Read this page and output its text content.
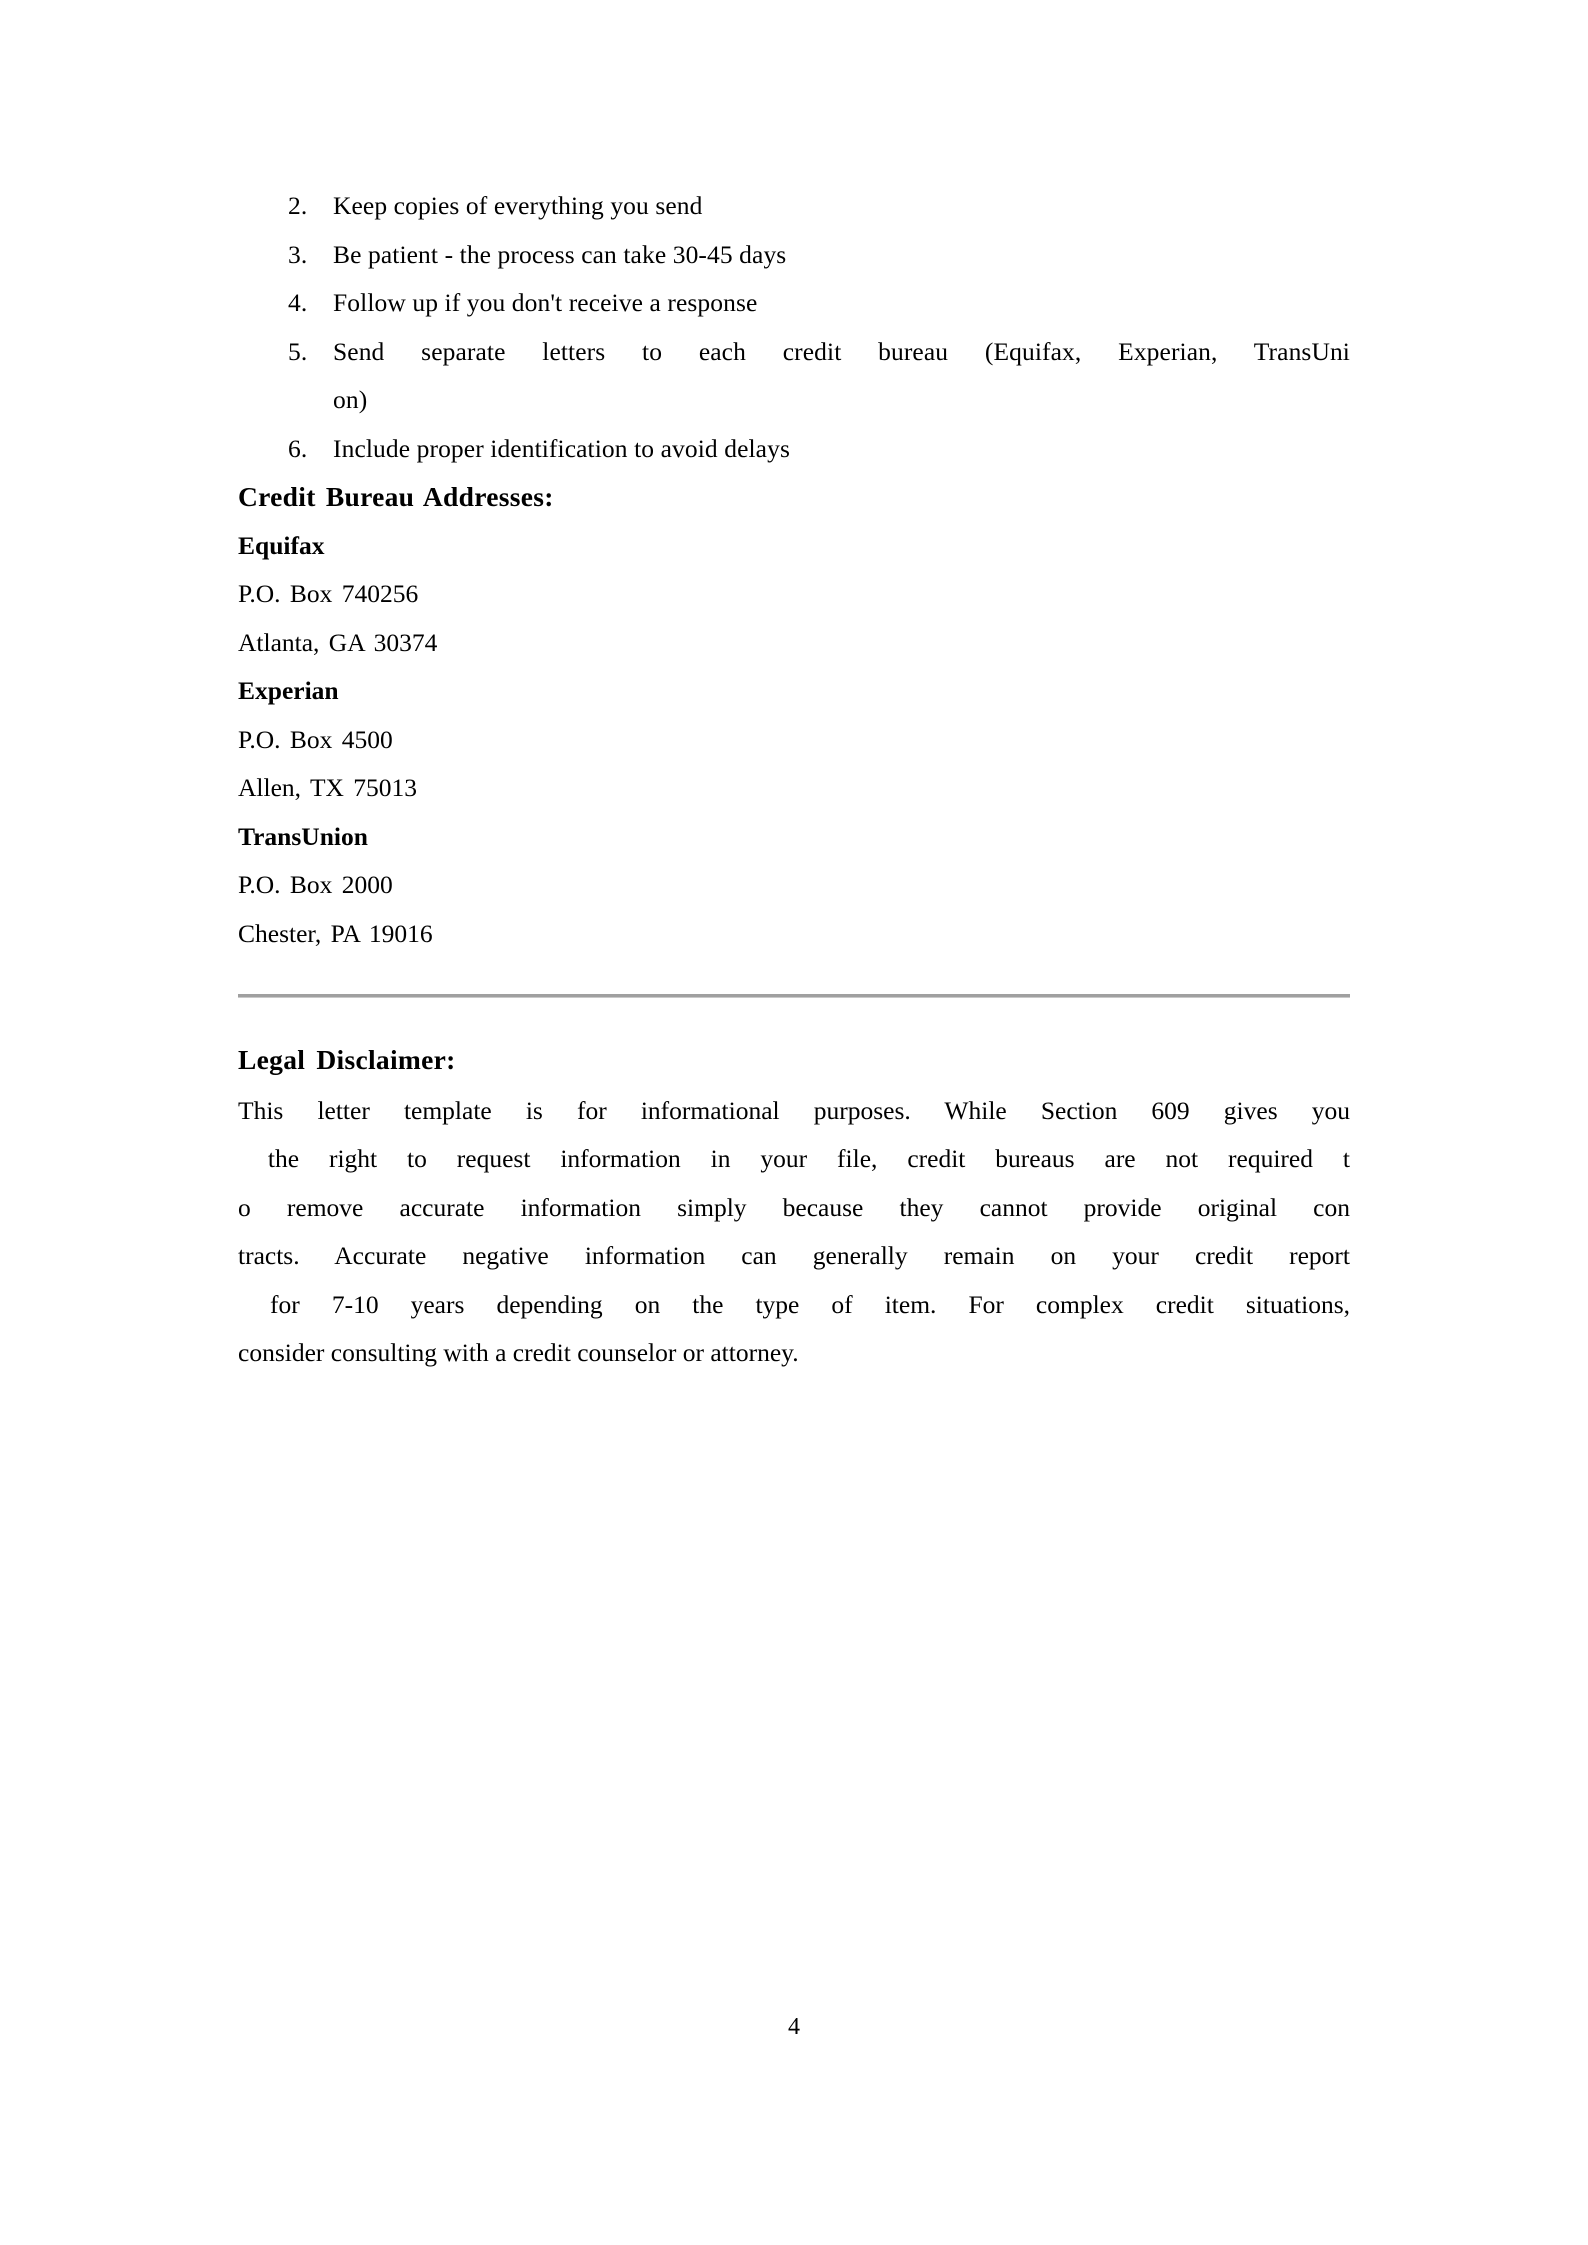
2.	Keep copies of everything you send
3.	Be patient - the process can take 30-45 days
4.	Follow up if you don't receive a response
5.	Send separate letters to each credit bureau (Equifax, Experian, TransUni
on)
6.	Include proper identification to avoid delays
Credit Bureau Addresses:
Equifax
P.O. Box 740256
Atlanta, GA 30374
Experian
P.O. Box 4500
Allen, TX 75013
TransUnion
P.O. Box 2000
Chester, PA 19016
Legal Disclaimer:
This letter template is for informational purposes. While Section 609 gives you
the right to request information in your file, credit bureaus are not required t
o remove accurate information simply because they cannot provide original con
tracts. Accurate negative information can generally remain on your credit report
for 7-10 years depending on the type of item. For complex credit situations,
consider consulting with a credit counselor or attorney.
4
